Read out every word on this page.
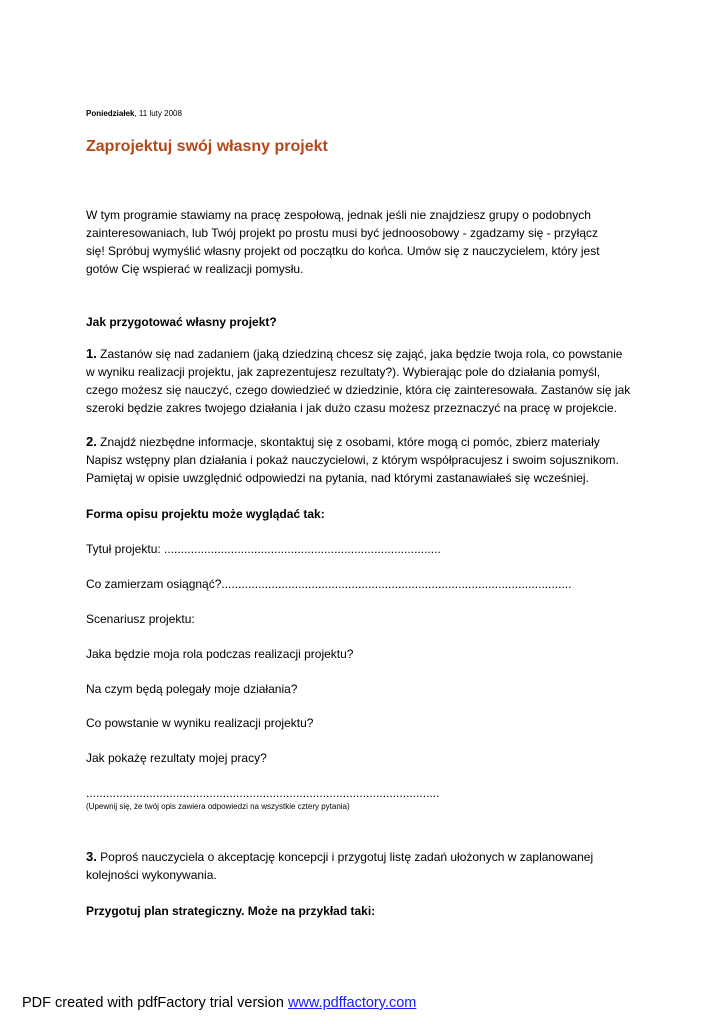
Poniedziałek, 11 luty 2008
Zaprojektuj swój własny projekt
W tym programie stawiamy na pracę zespołową, jednak jeśli nie znajdziesz grupy o podobnych
zainteresowaniach, lub Twój projekt po prostu musi być jednoosobowy - zgadzamy się - przyłącz
się! Spróbuj wymyślić własny projekt od początku do końca. Umów się z nauczycielem, który jest
gotów Cię wspierać w realizacji pomysłu.
Jak przygotować własny projekt?
1. Zastanów się nad zadaniem (jaką dziedziną chcesz się zająć, jaka będzie twoja rola, co powstanie
w wyniku realizacji projektu, jak zaprezentujesz rezultaty?). Wybierając pole do działania pomyśl,
czego możesz się nauczyć, czego dowiedzieć w dziedzinie, która cię zainteresowała. Zastanów się jak
szeroki będzie zakres twojego działania i jak dużo czasu możesz przeznaczyć na pracę w projekcie.
2. Znajdź niezbędne informacje, skontaktuj się z osobami, które mogą ci pomóc, zbierz materiały
Napisz wstępny plan działania i pokaż nauczycielowi, z którym współpracujesz i swoim sojusznikom.
Pamiętaj w opisie uwzględnić odpowiedzi na pytania, nad którymi zastanawiałeś się wcześniej.
Forma opisu projektu może wyglądać tak:
Tytuł projektu: ...................................................................................
Co zamierzam osiągnąć?.........................................................................................................
Scenariusz projektu:
Jaka będzie moja rola podczas realizacji projektu?
Na czym będą polegały moje działania?
Co powstanie w wyniku realizacji projektu?
Jak pokażę rezultaty mojej pracy?
..........................................................................................................
(Upewnij się, że twój opis zawiera odpowiedzi na wszystkie cztery pytania)
3. Poproś nauczyciela o akceptację koncepcji i przygotuj listę zadań ułożonych w zaplanowanej
kolejności wykonywania.
Przygotuj plan strategiczny. Może na przykład taki:
PDF created with pdfFactory trial version www.pdffactory.com
